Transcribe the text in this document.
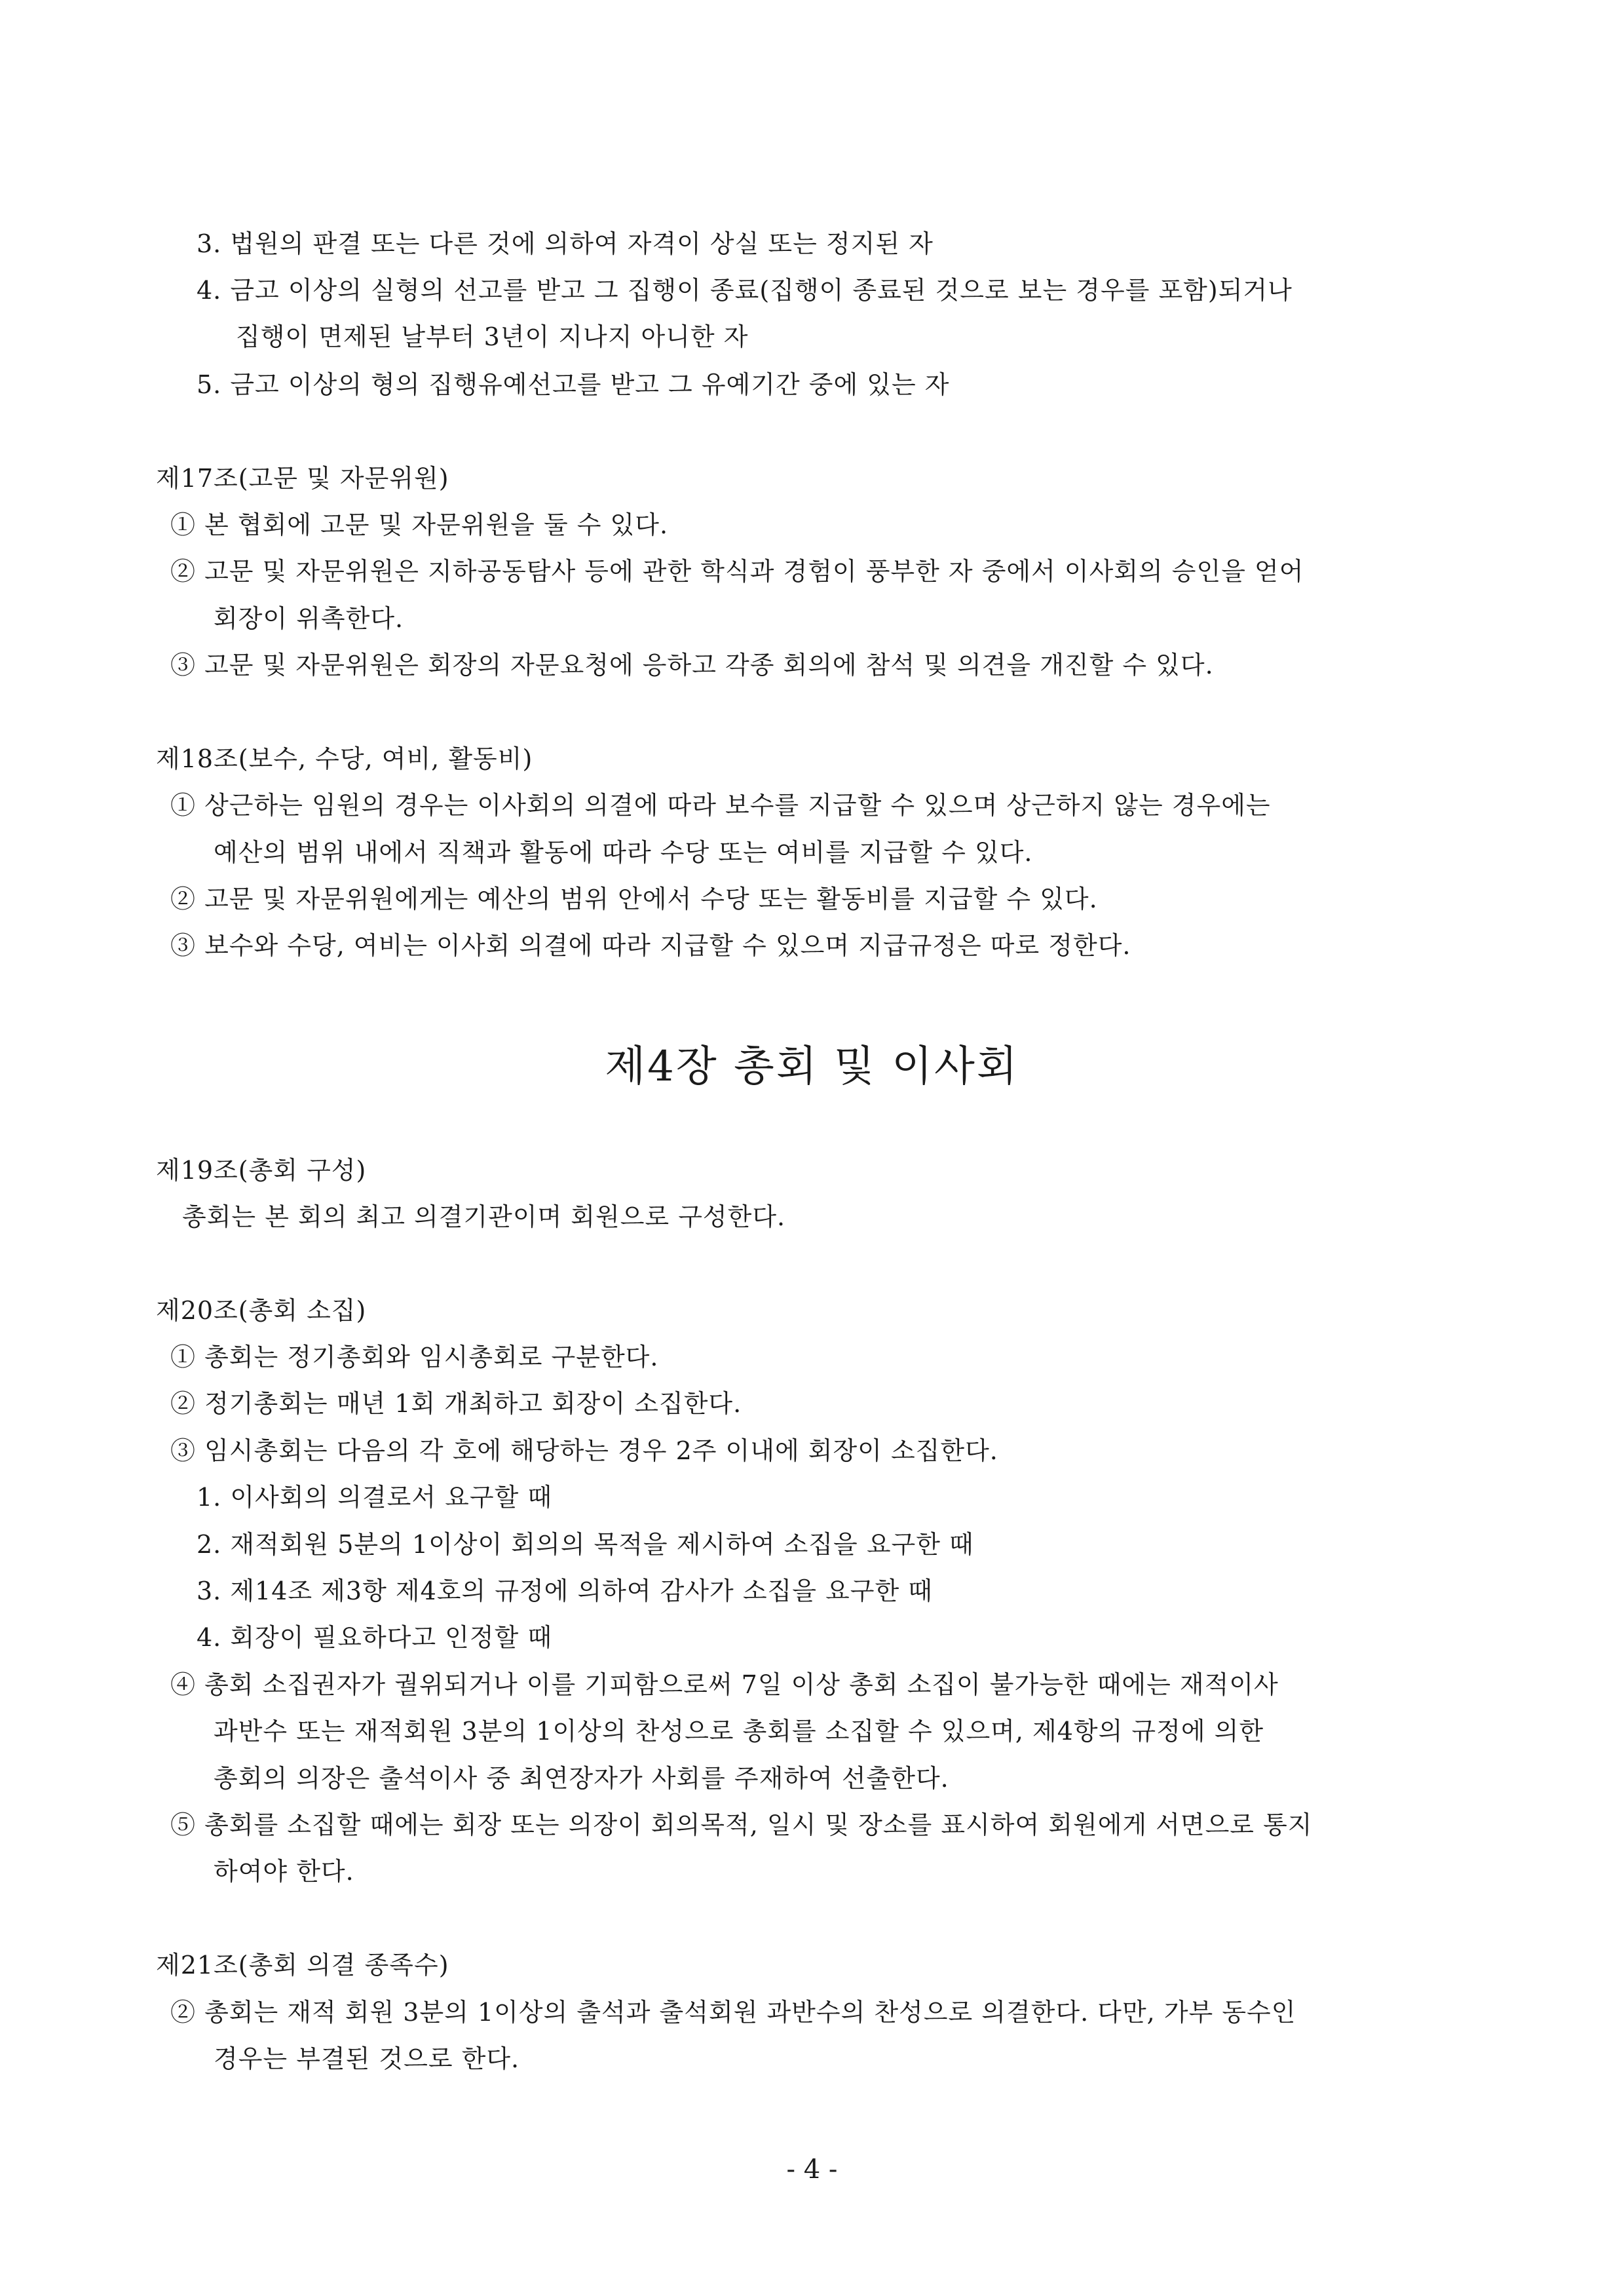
3. 법원의 판결 또는 다른 것에 의하여 자격이 상실 또는 정지된 자
4. 금고 이상의 실형의 선고를 받고 그 집행이 종료(집행이 종료된 것으로 보는 경우를 포함)되거나
집행이 면제된 날부터 3년이 지나지 아니한 자
5. 금고 이상의 형의 집행유예선고를 받고 그 유예기간 중에 있는 자
제17조(고문 및 자문위원)
① 본 협회에 고문 및 자문위원을 둘 수 있다.
② 고문 및 자문위원은 지하공동탐사 등에 관한 학식과 경험이 풍부한 자 중에서 이사회의 승인을 얻어
회장이 위촉한다.
③ 고문 및 자문위원은 회장의 자문요청에 응하고 각종 회의에 참석 및 의견을 개진할 수 있다.
제18조(보수, 수당, 여비, 활동비)
① 상근하는 임원의 경우는 이사회의 의결에 따라 보수를 지급할 수 있으며 상근하지 않는 경우에는
예산의 범위 내에서 직책과 활동에 따라 수당 또는 여비를 지급할 수 있다.
② 고문 및 자문위원에게는 예산의 범위 안에서 수당 또는 활동비를 지급할 수 있다.
③ 보수와 수당, 여비는 이사회 의결에 따라 지급할 수 있으며 지급규정은 따로 정한다.
제4장 총회 및 이사회
제19조(총회 구성)
총회는 본 회의 최고 의결기관이며 회원으로 구성한다.
제20조(총회 소집)
① 총회는 정기총회와 임시총회로 구분한다.
② 정기총회는 매년 1회 개최하고 회장이 소집한다.
③ 임시총회는 다음의 각 호에 해당하는 경우 2주 이내에 회장이 소집한다.
1. 이사회의 의결로서 요구할 때
2. 재적회원 5분의 1이상이 회의의 목적을 제시하여 소집을 요구한 때
3. 제14조 제3항 제4호의 규정에 의하여 감사가 소집을 요구한 때
4. 회장이 필요하다고 인정할 때
④ 총회 소집권자가 궐위되거나 이를 기피함으로써 7일 이상 총회 소집이 불가능한 때에는 재적이사
과반수 또는 재적회원 3분의 1이상의 찬성으로 총회를 소집할 수 있으며, 제4항의 규정에 의한
총회의 의장은 출석이사 중 최연장자가 사회를 주재하여 선출한다.
⑤ 총회를 소집할 때에는 회장 또는 의장이 회의목적, 일시 및 장소를 표시하여 회원에게 서면으로 통지
하여야 한다.
제21조(총회 의결 종족수)
② 총회는 재적 회원 3분의 1이상의 출석과 출석회원 과반수의 찬성으로 의결한다. 다만, 가부 동수인
경우는 부결된 것으로 한다.
- 4 -
